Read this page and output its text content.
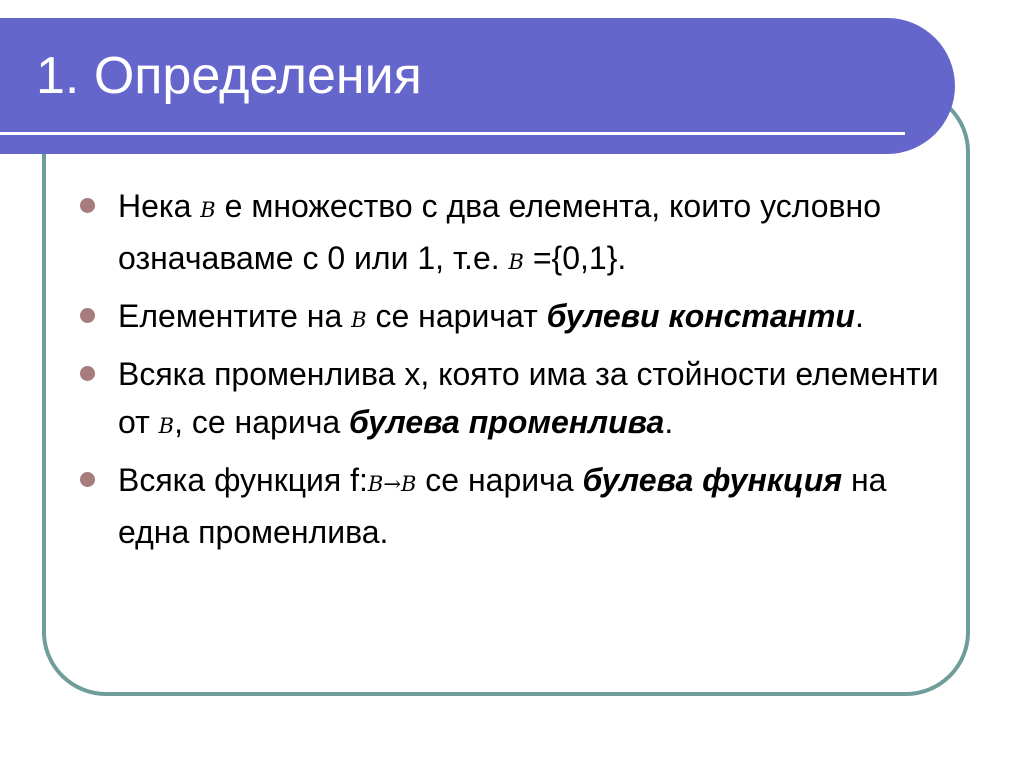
1. Определения
Нека B е множество с два елемента, които условно означаваме с 0 или 1, т.е. B ={0,1}.
Елементите на B се наричат булеви константи.
Всяка променлива x, която има за стойности елементи от B, се нарича булева променлива.
Всяка функция f:B→B се нарича булева функция на една променлива.
